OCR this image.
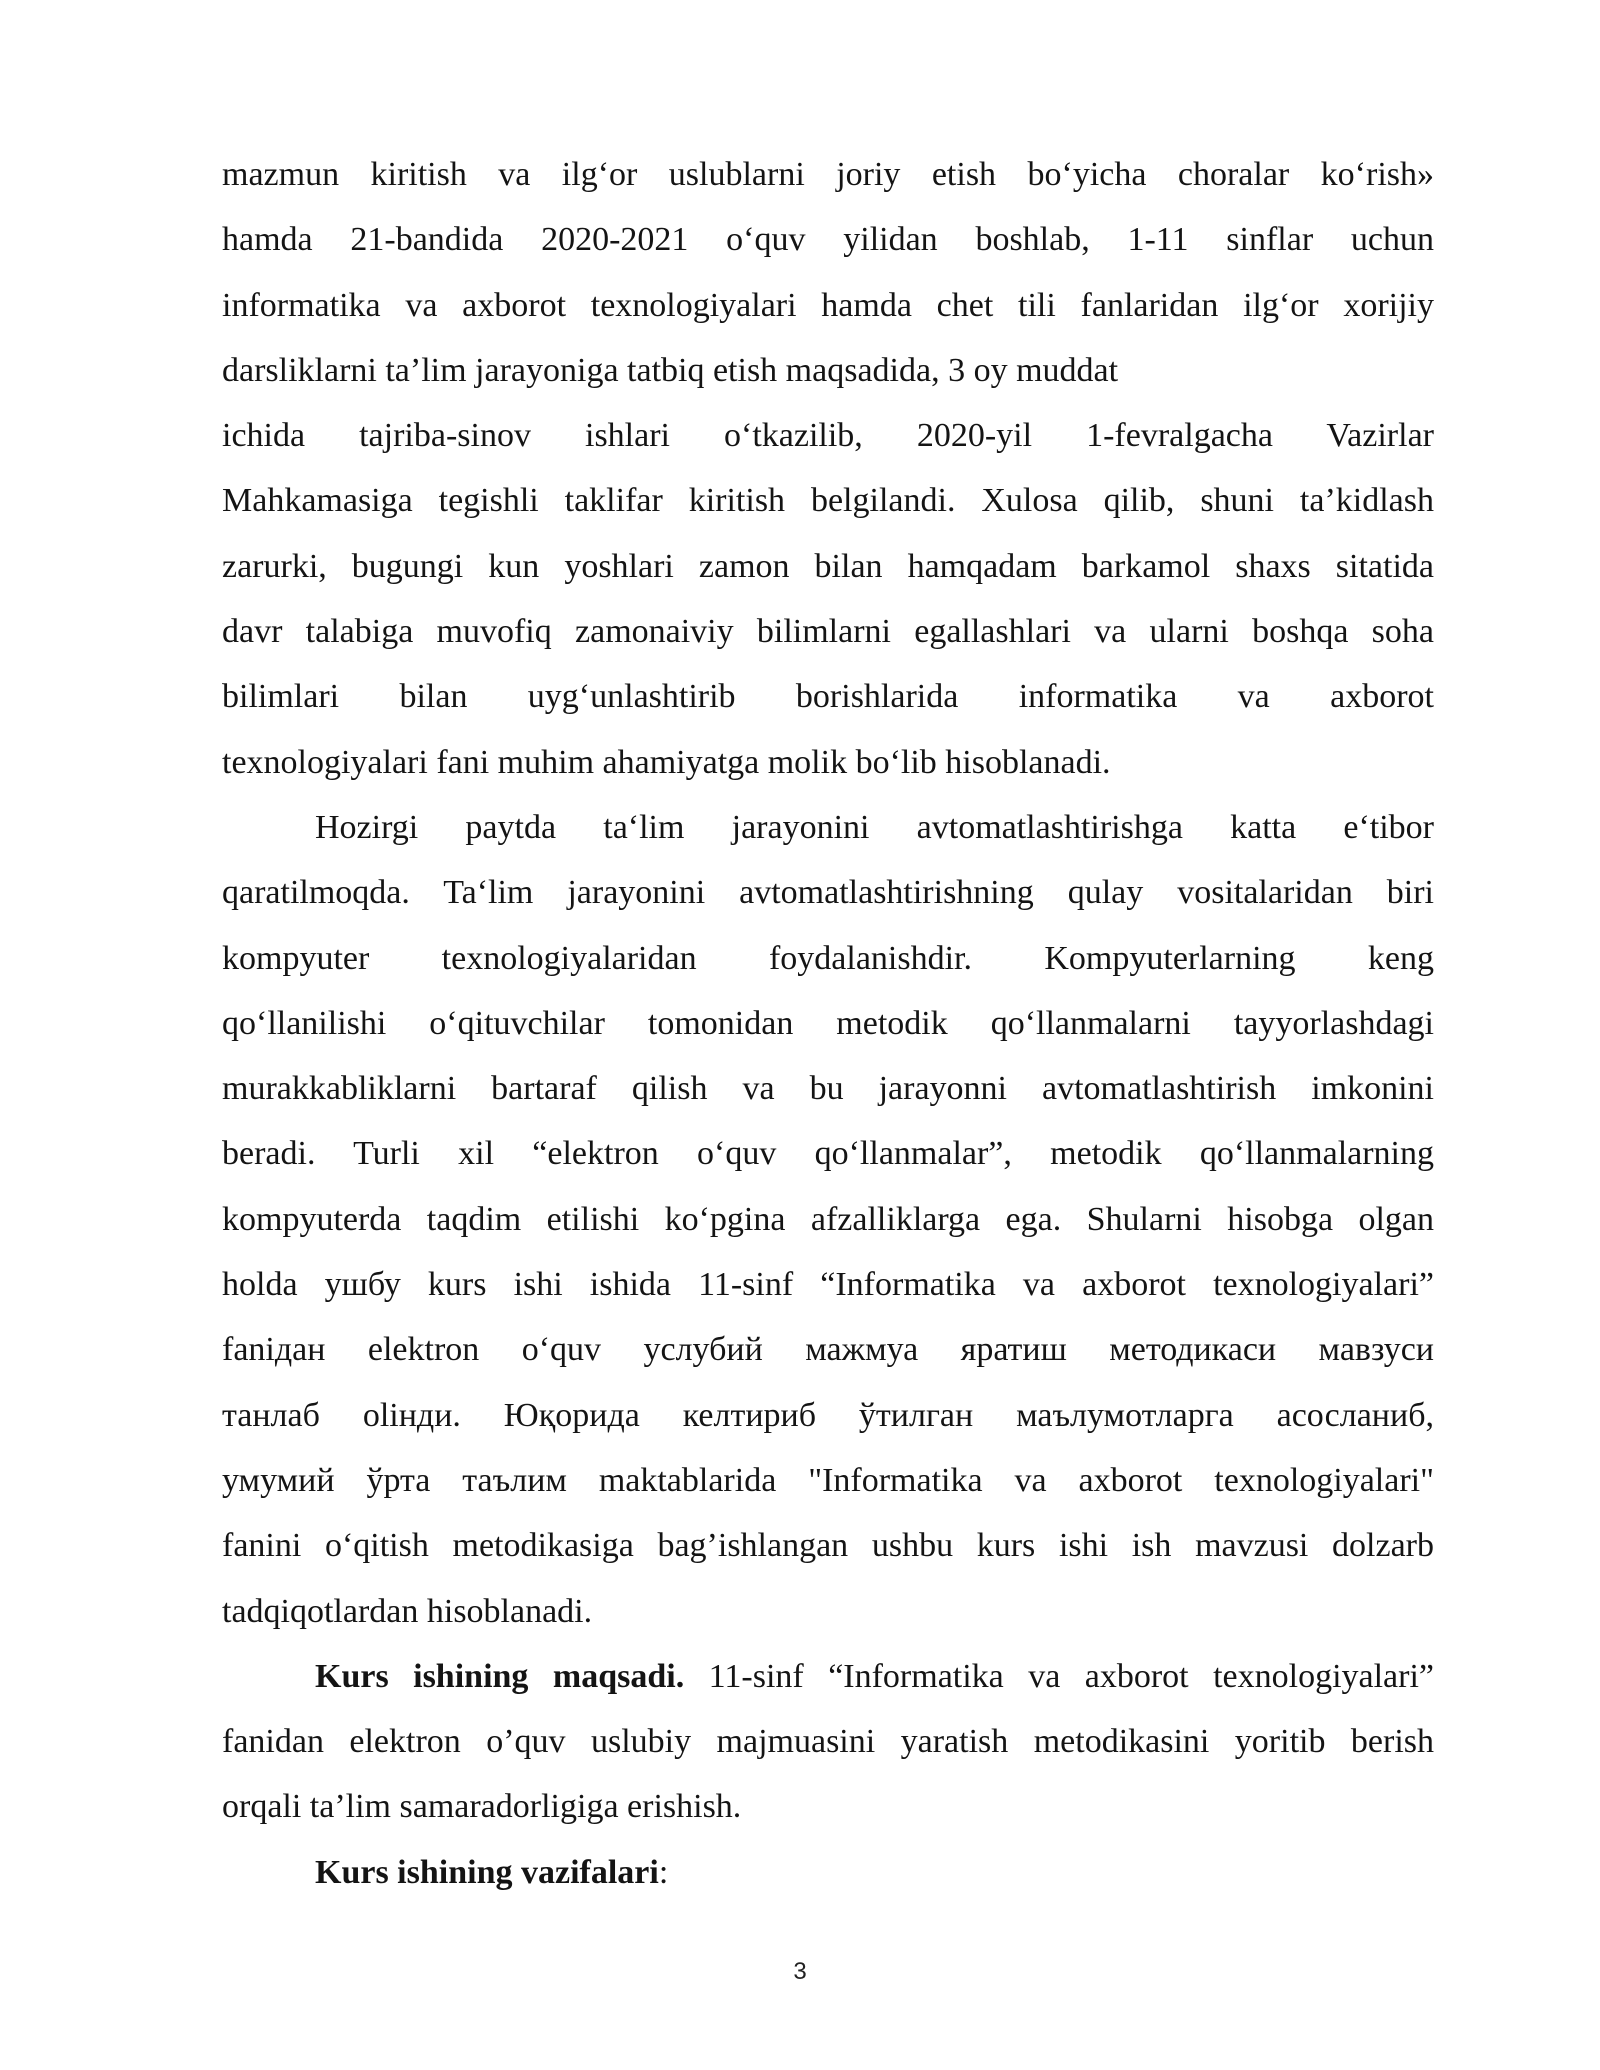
mazmun kiritish va ilg‘or uslublarni joriy etish bo‘yicha choralar ko‘rish»
hamda 21-bandida 2020-2021 o‘quv yilidan boshlab, 1-11 sinflar uchun
informatika va axborot texnologiyalari hamda chet tili fanlaridan ilg‘or xorijiy
darsliklarni ta’lim jarayoniga tatbiq etish maqsadida, 3 oy muddat

ichida tajriba-sinov ishlari o‘tkazilib, 2020-yil 1-fevralgacha Vazirlar
Mahkamasiga tegishli taklifar kiritish belgilandi. Xulosa qilib, shuni ta’kidlash
zarurki, bugungi kun yoshlari zamon bilan hamqadam barkamol shaxs sitatida
davr talabiga muvofiq zamonaiviy bilimlarni egallashlari va ularni boshqa soha
bilimlari bilan uyg‘unlashtirib borishlarida informatika va axborot
texnologiyalari fani muhim ahamiyatga molik bo‘lib hisoblanadi.

Hozirgi paytda ta‘lim jarayonini avtomatlashtirishga katta e‘tibor
qaratilmoqda. Ta‘lim jarayonini avtomatlashtirishning qulay vositalaridan biri
kompyuter texnologiyalaridan foydalanishdir. Kompyuterlarning keng
qo‘llanilishi o‘qituvchilar tomonidan metodik qo‘llanmalarni tayyorlashdagi
murakkabliklarni bartaraf qilish va bu jarayonni avtomatlashtirish imkonini
beradi. Turli xil “elektron o‘quv qo‘llanmalar”, metodik qo‘llanmalarning
kompyuterda taqdim etilishi ko‘pgina afzalliklarga ega. Shularni hisobga olgan
holda ушбу kurs ishi ishida 11-sinf “Informatika va axborot texnologiyalari”
fanідан elektron o‘quv услубий мажмуа яратиш методикаси мавзуси
танлаб olінди. Юқорида келтириб ўтилган маълумотларга асосланиб,
умумий ўрта таълим maktablarida "Informatika va axborot texnologiyalari"
fanini o‘qitish metodikasiga bag’ishlangan ushbu kurs ishi ish mavzusi dolzarb
tadqiqotlardan hisoblanadi.

Kurs ishining maqsadi. 11-sinf “Informatika va axborot texnologiyalari”
fanidan elektron o’quv uslubiy majmuasini yaratish metodikasini yoritib berish
orqali ta’lim samaradorligiga erishish.

Kurs ishining vazifalari:

3
